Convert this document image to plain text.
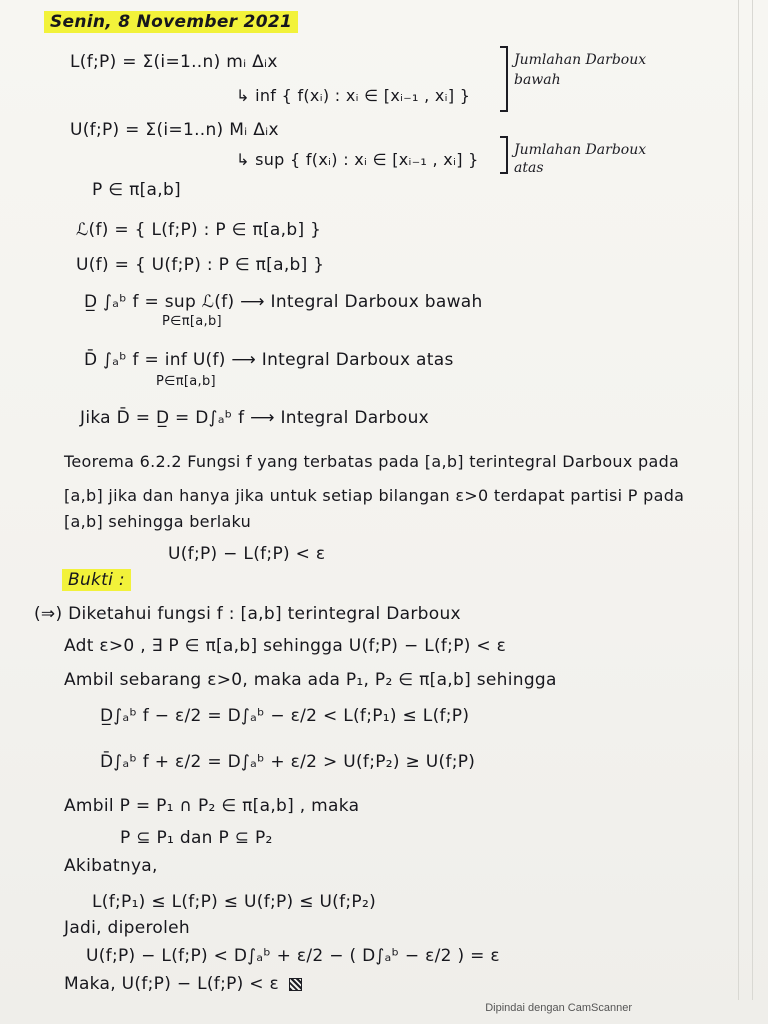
Senin, 8 November 2021
L(f;P) = Σ(i=1..n) mᵢ Δᵢx
↳ inf { f(xᵢ) : xᵢ ∈ [xᵢ₋₁ , xᵢ] }
Jumlahan Darboux
bawah
U(f;P) = Σ(i=1..n) Mᵢ Δᵢx
↳ sup { f(xᵢ) : xᵢ ∈ [xᵢ₋₁ , xᵢ] }	Jumlahan Darboux
atas
P ∈ π[a,b]
ℒ(f) = { L(f;P) : P ∈ π[a,b] }
U(f) = { U(f;P) : P ∈ π[a,b] }
D̲ ∫ₐᵇ f = sup ℒ(f) ⟶ Integral Darboux bawah
P∈π[a,b]
D̄ ∫ₐᵇ f = inf U(f) ⟶ Integral Darboux atas
P∈π[a,b]
Jika D̄ = D̲ = D∫ₐᵇ f ⟶ Integral Darboux
Teorema 6.2.2 Fungsi f yang terbatas pada [a,b] terintegral Darboux pada
[a,b] jika dan hanya jika untuk setiap bilangan ε>0 terdapat partisi P pada
[a,b] sehingga berlaku
U(f;P) − L(f;P) < ε
Bukti :
(⇒) Diketahui fungsi f : [a,b] terintegral Darboux
Adt ε>0 , ∃ P ∈ π[a,b] sehingga U(f;P) − L(f;P) < ε
Ambil sebarang ε>0, maka ada P₁, P₂ ∈ π[a,b] sehingga
D̲∫ₐᵇ f − ε/2 = D∫ₐᵇ − ε/2 < L(f;P₁) ≤ L(f;P)
D̄∫ₐᵇ f + ε/2 = D∫ₐᵇ + ε/2 > U(f;P₂) ≥ U(f;P)
Ambil P = P₁ ∩ P₂ ∈ π[a,b] , maka
P ⊆ P₁ dan P ⊆ P₂
Akibatnya,
L(f;P₁) ≤ L(f;P) ≤ U(f;P) ≤ U(f;P₂)
Jadi, diperoleh
U(f;P) − L(f;P) < D∫ₐᵇ + ε/2 − ( D∫ₐᵇ − ε/2 ) = ε
Maka, U(f;P) − L(f;P) < ε
Dipindai dengan CamScanner
